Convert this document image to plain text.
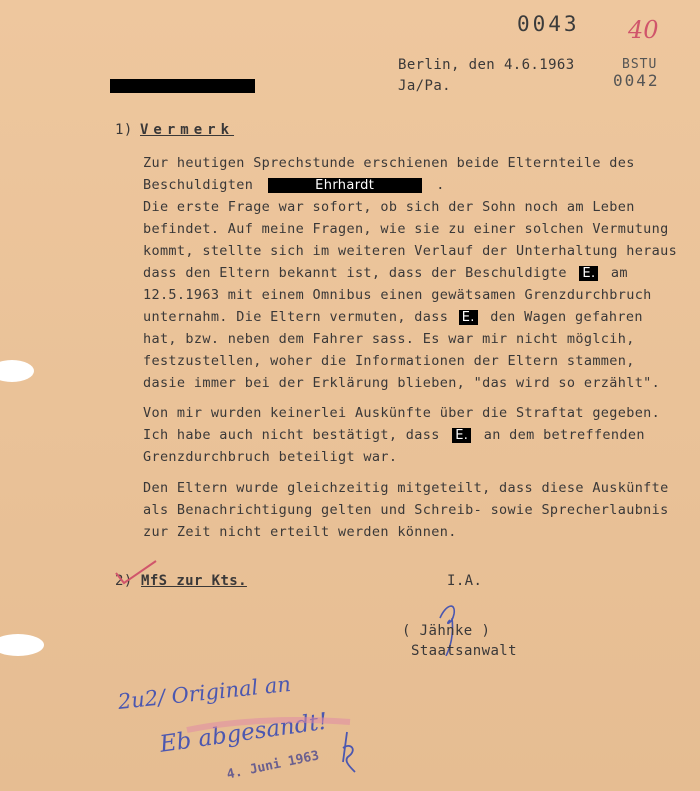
0043 40
Berlin, den 4.6.1963
Ja/Pa.
BSTU
0042
1) Vermerk
Zur heutigen Sprechstunde erschienen beide Elternteile des
Beschuldigten	Ehrhardt	.
Die erste Frage war sofort, ob sich der Sohn noch am Leben
befindet. Auf meine Fragen, wie sie zu einer solchen Vermutung
kommt, stellte sich im weiteren Verlauf der Unterhaltung heraus
dass den Eltern bekannt ist, dass der Beschuldigte E. am
12.5.1963 mit einem Omnibus einen gewätsamen Grenzdurchbruch
unternahm. Die Eltern vermuten, dass E. den Wagen gefahren
hat, bzw. neben dem Fahrer sass. Es war mir nicht möglcih,
festzustellen, woher die Informationen der Eltern stammen,
dasie immer bei der Erklärung blieben, "das wird so erzählt".
Von mir wurden keinerlei Auskünfte über die Straftat gegeben.
Ich habe auch nicht bestätigt, dass E. an dem betreffenden
Grenzdurchbruch beteiligt war.
Den Eltern wurde gleichzeitig mitgeteilt, dass diese Auskünfte
als Benachrichtigung gelten und Schreib- sowie Sprecherlaubnis
zur Zeit nicht erteilt werden können.
2) MfS zur Kts.	I.A.
( Jähnke )
Staatsanwalt
2u2/ Original an
Eb abgesandt!
4. Juni 1963
